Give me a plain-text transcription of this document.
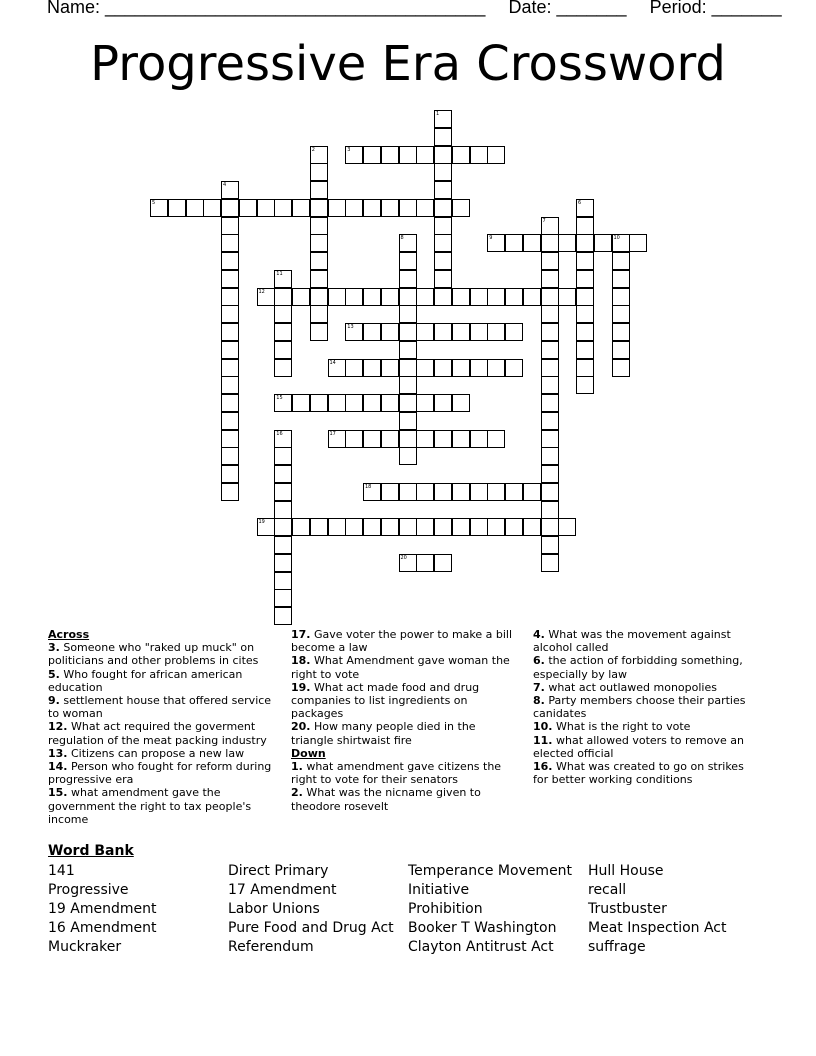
Name: ______________________________________ Date: _______ Period: _______
Progressive Era Crossword
3
5
9	10
12
13
14
15
17
18
19
20
1
2
4
6
7
8
11
16
Across
3. Someone who "raked up muck" on politicians and other problems in cites
5. Who fought for african american education
9. settlement house that offered service to woman
12. What act required the goverment regulation of the meat packing industry
13. Citizens can propose a new law
14. Person who fought for reform during progressive era
15. what amendment gave the government the right to tax people's income
17. Gave voter the power to make a bill become a law
18. What Amendment gave woman the right to vote
19. What act made food and drug companies to list ingredients on packages
20. How many people died in the triangle shirtwaist fire
Down
1. what amendment gave citizens the right to vote for their senators
2. What was the nicname given to theodore rosevelt
4. What was the movement against alcohol called
6. the action of forbidding something, especially by law
7. what act outlawed monopolies
8. Party members choose their parties canidates
10. What is the right to vote
11. what allowed voters to remove an elected official
16. What was created to go on strikes for better working conditions
Word Bank
141
Progressive
19 Amendment
16 Amendment
Muckraker
Direct Primary
17 Amendment
Labor Unions
Pure Food and Drug Act
Referendum
Temperance Movement
Initiative
Prohibition
Booker T Washington
Clayton Antitrust Act
Hull House
recall
Trustbuster
Meat Inspection Act
suffrage
